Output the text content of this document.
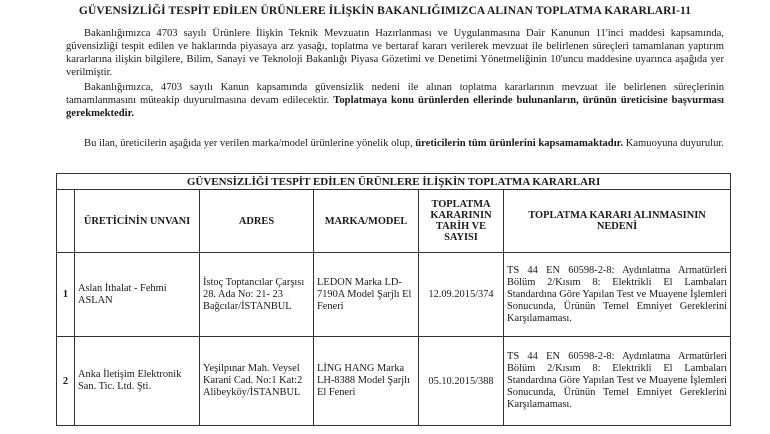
GÜVENSİZLİĞİ TESPİT EDİLEN ÜRÜNLERE İLİŞKİN BAKANLIĞIMIZCA ALINAN TOPLATMA KARARLARI-11
Bakanlığımızca 4703 sayılı Ürünlere İlişkin Teknik Mevzuatın Hazırlanması ve Uygulanmasına Dair Kanunun 11'inci maddesi kapsamında, güvensizliği tespit edilen ve haklarında piyasaya arz yasağı, toplatma ve bertaraf kararı verilerek mevzuat ile belirlenen süreçleri tamamlanan yaptırım kararlarına ilişkin bilgilere, Bilim, Sanayi ve Teknoloji Bakanlığı Piyasa Gözetimi ve Denetimi Yönetmeliğinin 10'uncu maddesine uyarınca aşağıda yer verilmiştir.
Bakanlığımızca, 4703 sayılı Kanun kapsamında güvensizlik nedeni ile alınan toplatma kararlarının mevzuat ile belirlenen süreçlerinin tamamlanmasını müteakip duyurulmasına devam edilecektir. Toplatmaya konu ürünlerden ellerinde bulunanların, ürünün üreticisine başvurması gerekmektedir.
Bu ilan, üreticilerin aşağıda yer verilen marka/model ürünlerine yönelik olup, üreticilerin tüm ürünlerini kapsamamaktadır. Kamuoyuna duyurulur.
GÜVENSİZLİĞİ TESPİT EDİLEN ÜRÜNLERE İLİŞKİN TOPLATMA KARARLARI					
	ÜRETİCİNİN UNVANI	ADRES	MARKA/MODEL	TOPLATMA KARARININ TARİH VE SAYISI	TOPLATMA KARARI ALINMASININ NEDENİ
1	Aslan İthalat - Fehmi ASLAN	İstoç Toptancılar Çarşısı 28. Ada No: 21- 23 Bağcılar/İSTANBUL	LEDON Marka LD-7190A Model Şarjlı El Feneri	12.09.2015/374	TS 44 EN 60598-2-8: Aydınlatma Armatürleri Bölüm 2/Kısım 8: Elektrikli El Lambaları Standardına Göre Yapılan Test ve Muayene İşlemleri Sonucunda, Ürünün Temel Emniyet Gereklerini Karşılamaması.
2	Anka İletişim Elektronik San. Tic. Ltd. Şti.	Yeşilpınar Mah. Veysel Karani Cad. No:1 Kat:2 Alibeyköy/İSTANBUL	LİNG HANG Marka LH-8388 Model Şarjlı El Feneri	05.10.2015/388	TS 44 EN 60598-2-8: Aydınlatma Armatürleri Bölüm 2/Kısım 8: Elektrikli El Lambaları Standardına Göre Yapılan Test ve Muayene İşlemleri Sonucunda, Ürünün Temel Emniyet Gereklerini Karşılamaması.
